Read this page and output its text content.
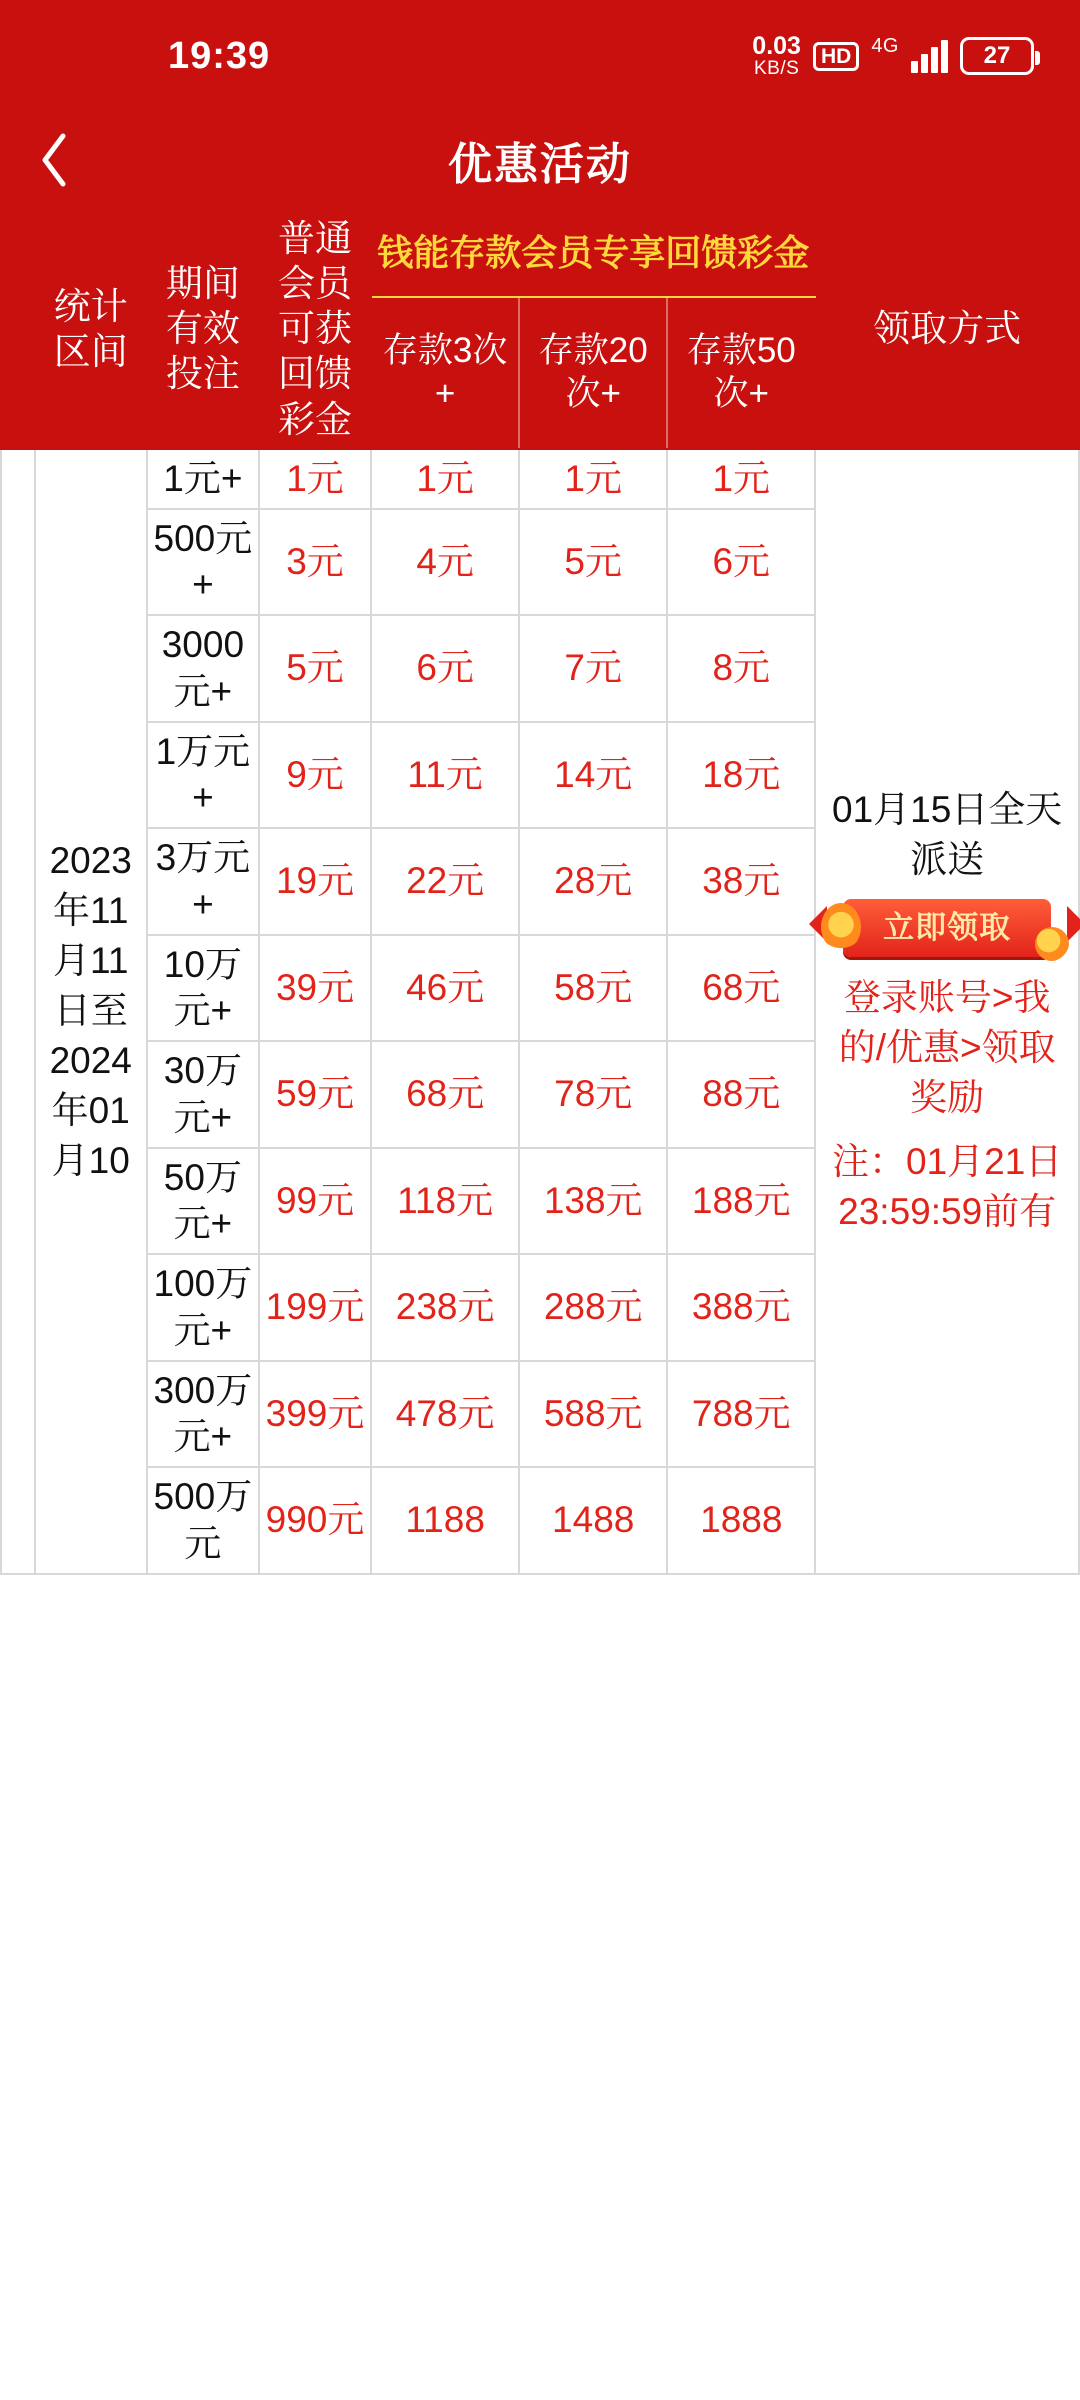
19:39	0.03
KB/S
HD	4G	27
优惠活动
	统计区间	期间有效投注	普通会员可获回馈彩金	钱能存款会员专享回馈彩金			领取方式
				存款3次+	存款20次+	存款50次+	
	2023年11月11日至2024年01月10	1元+	1元	1元	1元	1元	01月15日全天派送
立即领取
登录账号>我的/优惠>领取奖励
注：01月21日23:59:59前有

		500元+	3元	4元	5元	6元	
		3000元+	5元	6元	7元	8元	
		1万元+	9元	11元	14元	18元	
		3万元+	19元	22元	28元	38元	
		10万元+	39元	46元	58元	68元	
		30万元+	59元	68元	78元	88元	
		50万元+	99元	118元	138元	188元	
		100万元+	199元	238元	288元	388元	
		300万元+	399元	478元	588元	788元	
		500万元	990元	1188	1488	1888	
